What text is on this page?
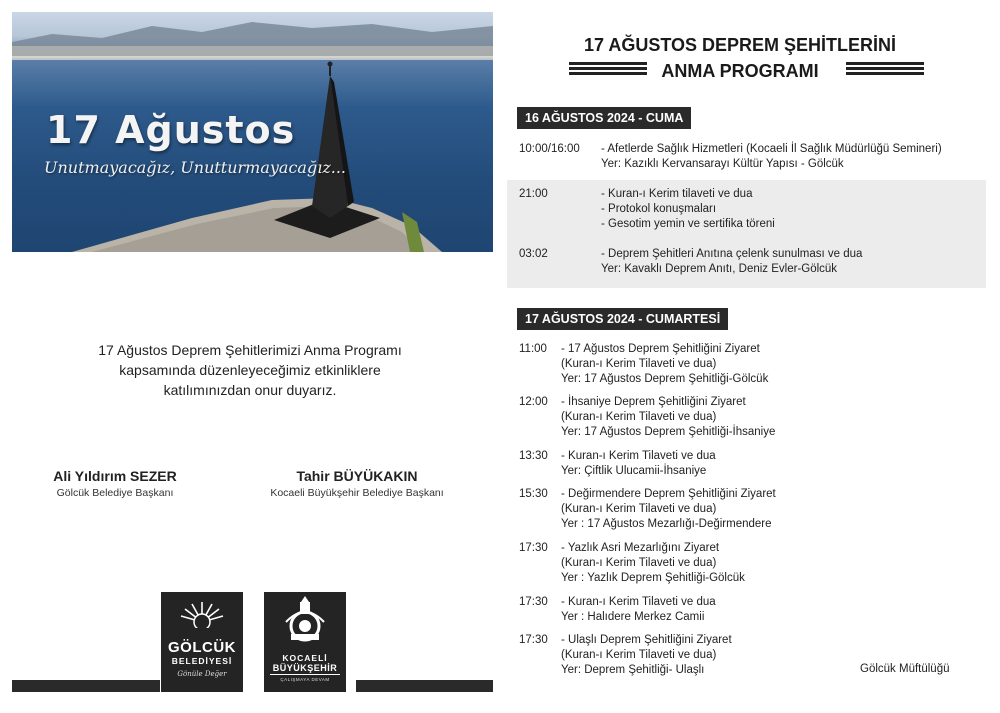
17 Ağustos
Unutmayacağız, Unutturmayacağız...
17 Ağustos Deprem Şehitlerimizi Anma Programı
kapsamında düzenleyeceğimiz etkinliklere
katılımınızdan onur duyarız.
Ali Yıldırım SEZER
Gölcük Belediye Başkanı
Tahir BÜYÜKAKIN
Kocaeli Büyükşehir Belediye Başkanı
GÖLCÜK
BELEDİYESİ
Gönüle Değer
KOCAELİ
BÜYÜKŞEHİR
ÇALIŞMAYA DEVAM
17 AĞUSTOS DEPREM ŞEHİTLERİNİ
ANMA PROGRAMI
16 AĞUSTOS 2024 - CUMA
10:00/16:00	- Afetlerde Sağlık Hizmetleri (Kocaeli İl Sağlık Müdürlüğü Semineri)
Yer: Kazıklı Kervansarayı Kültür Yapısı - Gölcük
21:00	- Kuran-ı Kerim tilaveti ve dua
- Protokol konuşmaları
- Gesotim yemin ve sertifika töreni
03:02	- Deprem Şehitleri Anıtına çelenk sunulması ve dua
Yer: Kavaklı Deprem Anıtı, Deniz Evler-Gölcük
17 AĞUSTOS 2024 - CUMARTESİ
11:00	- 17 Ağustos Deprem Şehitliğini Ziyaret
(Kuran-ı Kerim Tilaveti ve dua)
Yer: 17 Ağustos Deprem Şehitliği-Gölcük
12:00	- İhsaniye Deprem Şehitliğini Ziyaret
(Kuran-ı Kerim Tilaveti ve dua)
Yer: 17 Ağustos Deprem Şehitliği-İhsaniye
13:30	- Kuran-ı Kerim Tilaveti ve dua
Yer: Çiftlik Ulucamii-İhsaniye
15:30	- Değirmendere Deprem Şehitliğini Ziyaret
(Kuran-ı Kerim Tilaveti ve dua)
Yer : 17 Ağustos Mezarlığı-Değirmendere
17:30	- Yazlık Asri Mezarlığını Ziyaret
(Kuran-ı Kerim Tilaveti ve dua)
Yer : Yazlık Deprem Şehitliği-Gölcük
17:30	- Kuran-ı Kerim Tilaveti ve dua
Yer : Halıdere Merkez Camii
17:30	- Ulaşlı Deprem Şehitliğini Ziyaret
(Kuran-ı Kerim Tilaveti ve dua)
Yer: Deprem Şehitliği- Ulaşlı	Gölcük Müftülüğü
